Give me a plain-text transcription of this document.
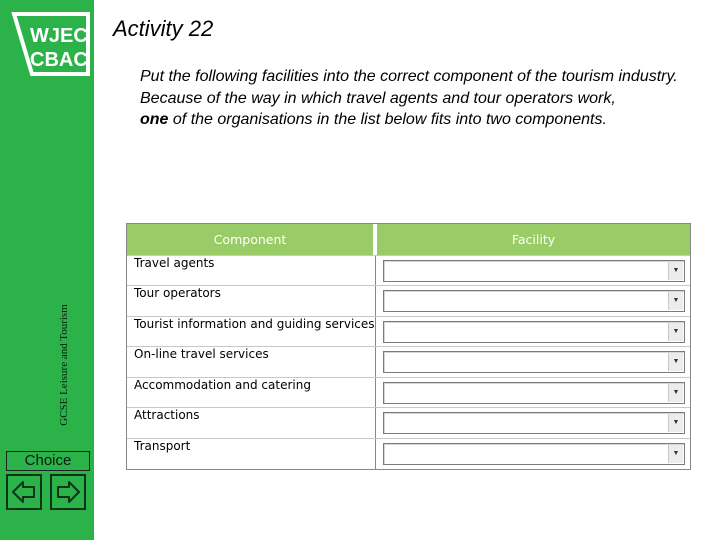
WJEC
CBAC
GCSE Leisure and Tourism
Choice
Activity 22
Put the following facilities into the correct component of the tourism industry.
Because of the way in which travel agents and tour operators work,
one of the organisations in the list below fits into two components.
Component	Facility
Travel agents
▼
Tour operators
▼
Tourist information and guiding services
▼
On-line travel services
▼
Accommodation and catering
▼
Attractions
▼
Transport
▼
